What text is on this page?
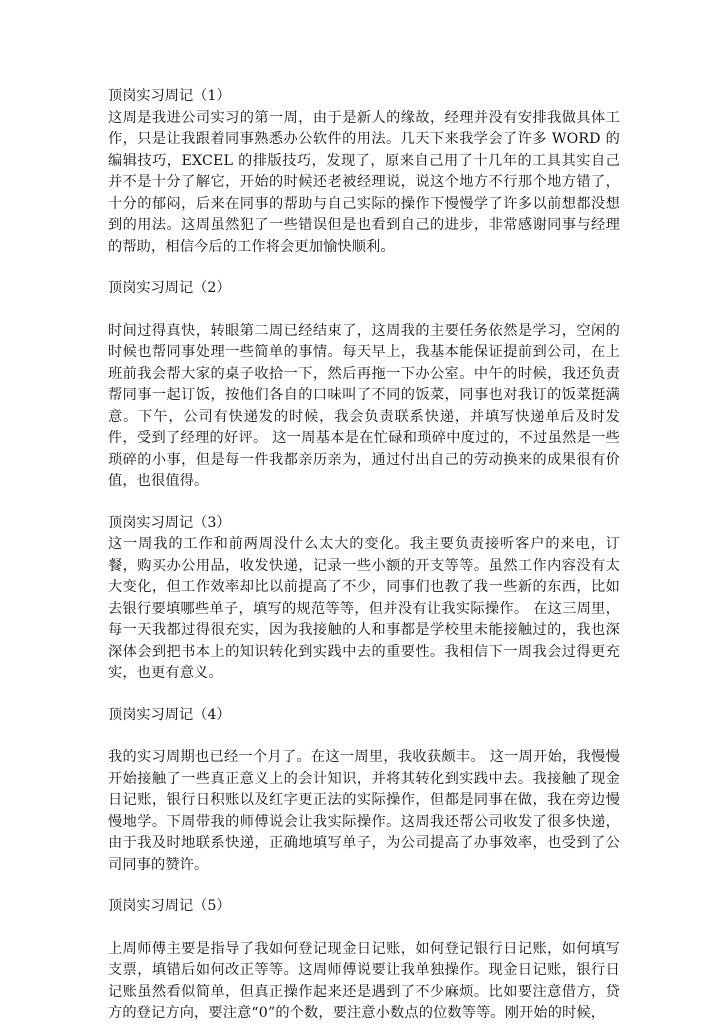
顶岗实习周记（1）

这周是我进公司实习的第一周，由于是新人的缘故，经理并没有安排我做具体工作，只是让我跟着同事熟悉办公软件的用法。几天下来我学会了许多 WORD 的编辑技巧，EXCEL 的排版技巧，发现了，原来自己用了十几年的工具其实自己并不是十分了解它，开始的时候还老被经理说，说这个地方不行那个地方错了，十分的郁闷，后来在同事的帮助与自己实际的操作下慢慢学了许多以前想都没想到的用法。这周虽然犯了一些错误但是也看到自己的进步，非常感谢同事与经理的帮助，相信今后的工作将会更加愉快顺利。

顶岗实习周记（2）

时间过得真快，转眼第二周已经结束了，这周我的主要任务依然是学习，空闲的时候也帮同事处理一些简单的事情。每天早上，我基本能保证提前到公司，在上班前我会帮大家的桌子收拾一下，然后再拖一下办公室。中午的时候，我还负责帮同事一起订饭，按他们各自的口味叫了不同的饭菜，同事也对我订的饭菜挺满意。下午，公司有快递发的时候，我会负责联系快递，并填写快递单后及时发件，受到了经理的好评。 这一周基本是在忙碌和琐碎中度过的，不过虽然是一些琐碎的小事，但是每一件我都亲历亲为，通过付出自己的劳动换来的成果很有价值，也很值得。

顶岗实习周记（3）

这一周我的工作和前两周没什么太大的变化。我主要负责接听客户的来电，订餐，购买办公用品，收发快递，记录一些小额的开支等等。虽然工作内容没有太大变化，但工作效率却比以前提高了不少，同事们也教了我一些新的东西，比如去银行要填哪些单子，填写的规范等等，但并没有让我实际操作。 在这三周里，每一天我都过得很充实，因为我接触的人和事都是学校里未能接触过的，我也深深体会到把书本上的知识转化到实践中去的重要性。我相信下一周我会过得更充实，也更有意义。

顶岗实习周记（4）

我的实习周期也已经一个月了。在这一周里，我收获颇丰。 这一周开始，我慢慢开始接触了一些真正意义上的会计知识，并将其转化到实践中去。我接触了现金日记账，银行日积账以及红字更正法的实际操作，但都是同事在做，我在旁边慢慢地学。下周带我的师傅说会让我实际操作。这周我还帮公司收发了很多快递，由于我及时地联系快递，正确地填写单子，为公司提高了办事效率，也受到了公司同事的赞许。

顶岗实习周记（5）

上周师傅主要是指导了我如何登记现金日记账，如何登记银行日记账，如何填写支票，填错后如何改正等等。这周师傅说要让我单独操作。现金日记账，银行日记账虽然看似简单，但真正操作起来还是遇到了不少麻烦。比如要注意借方，贷方的登记方向，要注意“0”的个数，要注意小数点的位数等等。刚开始的时候，
